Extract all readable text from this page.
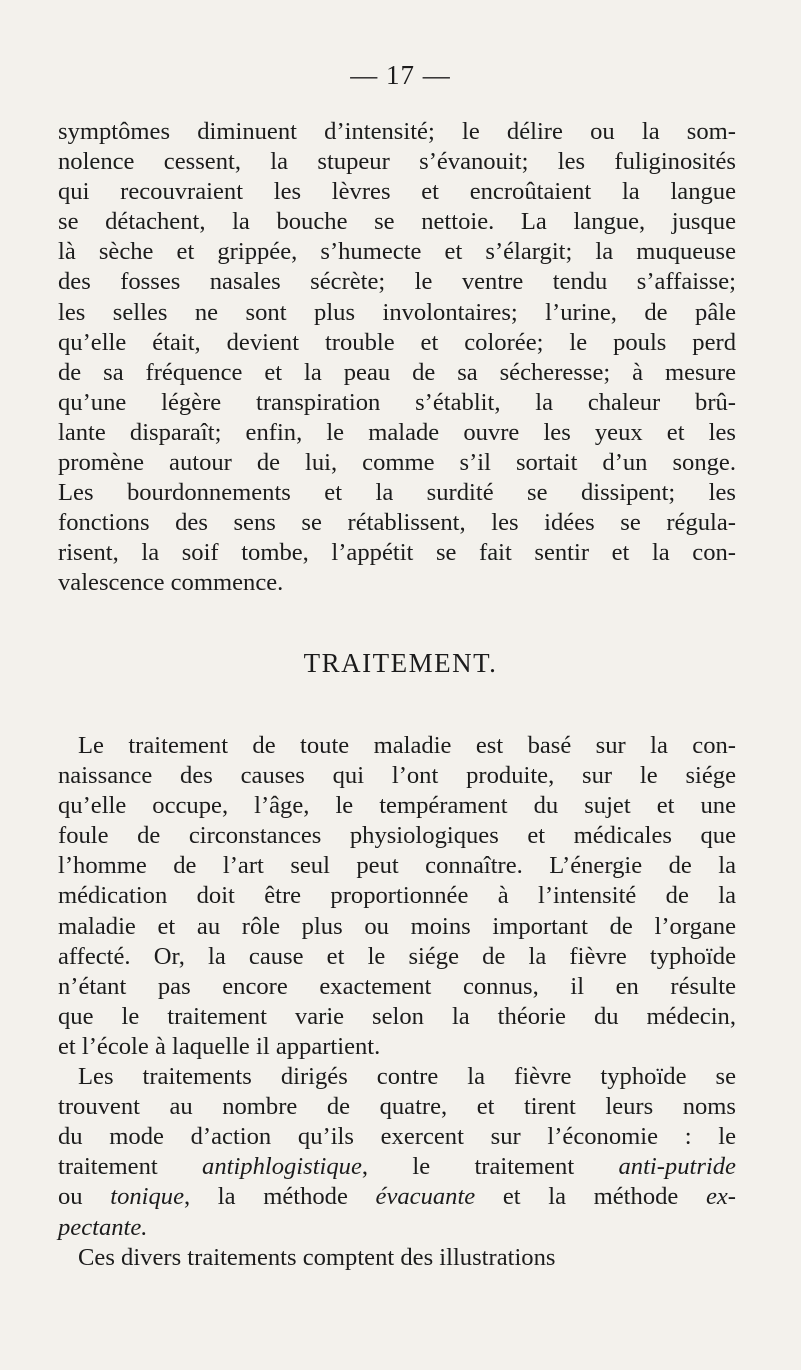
— 17 —
symptômes diminuent d’intensité; le délire ou la som-
nolence cessent, la stupeur s’évanouit; les fuliginosités
qui recouvraient les lèvres et encroûtaient la langue
se détachent, la bouche se nettoie. La langue, jusque
là sèche et grippée, s’humecte et s’élargit; la muqueuse
des fosses nasales sécrète; le ventre tendu s’affaisse;
les selles ne sont plus involontaires; l’urine, de pâle
qu’elle était, devient trouble et colorée; le pouls perd
de sa fréquence et la peau de sa sécheresse; à mesure
qu’une légère transpiration s’établit, la chaleur brû-
lante disparaît; enfin, le malade ouvre les yeux et les
promène autour de lui, comme s’il sortait d’un songe.
Les bourdonnements et la surdité se dissipent; les
fonctions des sens se rétablissent, les idées se régula-
risent, la soif tombe, l’appétit se fait sentir et la con-
valescence commence.
TRAITEMENT.
Le traitement de toute maladie est basé sur la con-
naissance des causes qui l’ont produite, sur le siége
qu’elle occupe, l’âge, le tempérament du sujet et une
foule de circonstances physiologiques et médicales que
l’homme de l’art seul peut connaître. L’énergie de la
médication doit être proportionnée à l’intensité de la
maladie et au rôle plus ou moins important de l’organe
affecté. Or, la cause et le siége de la fièvre typhoïde
n’étant pas encore exactement connus, il en résulte
que le traitement varie selon la théorie du médecin,
et l’école à laquelle il appartient.
Les traitements dirigés contre la fièvre typhoïde se
trouvent au nombre de quatre, et tirent leurs noms
du mode d’action qu’ils exercent sur l’économie : le
traitement antiphlogistique, le traitement anti-putride
ou tonique, la méthode évacuante et la méthode ex-
pectante.
Ces divers traitements comptent des illustrations
